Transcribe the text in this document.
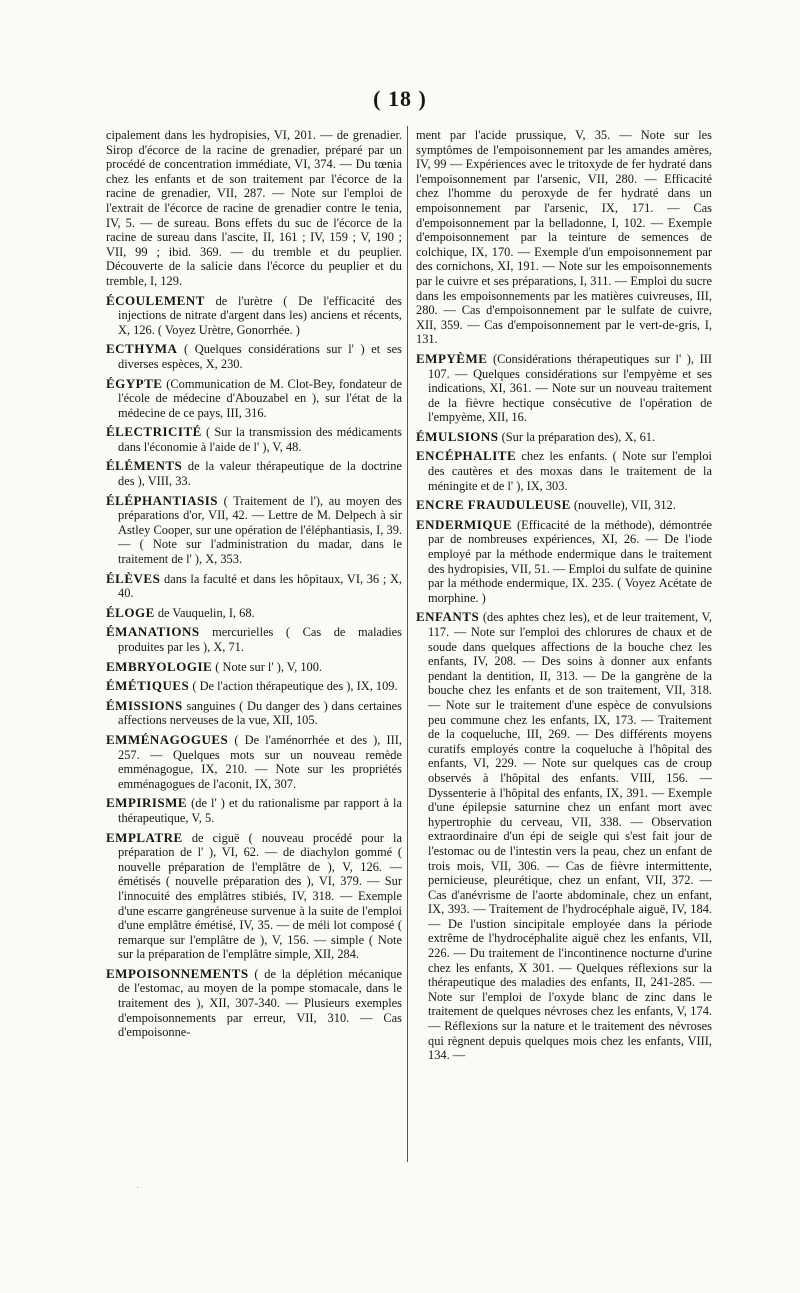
( 18 )

cipalement dans les hydropisies, VI, 201. — de grenadier. Sirop d'écorce de la racine de grenadier, préparé par un procédé de concentration immédiate, VI, 374. — Du tœnia chez les enfants et de son traitement par l'écorce de la racine de grenadier, VII, 287. — Note sur l'emploi de l'extrait de l'écorce de racine de grenadier contre le tenia, IV, 5. — de sureau. Bons effets du suc de l'écorce de la racine de sureau dans l'ascite, II, 161 ; IV, 159 ; V, 190 ; VII, 99 ; ibid. 369. — du tremble et du peuplier. Découverte de la salicie dans l'écorce du peuplier et du tremble, I, 129.

ÉCOULEMENT de l'urètre ( De l'efficacité des injections de nitrate d'argent dans les) anciens et récents, X, 126. ( Voyez Urètre, Gonorrhée. )

ECTHYMA ( Quelques considérations sur l' ) et ses diverses espèces, X, 230.

ÉGYPTE (Communication de M. Clot-Bey, fondateur de l'école de médecine d'Abouzabel en ), sur l'état de la médecine de ce pays, III, 316.

ÉLECTRICITÉ ( Sur la transmission des médicaments dans l'économie à l'aide de l' ), V, 48.

ÉLÉMENTS de la valeur thérapeutique de la doctrine des ), VIII, 33.

ÉLÉPHANTIASIS ( Traitement de l'), au moyen des préparations d'or, VII, 42. — Lettre de M. Delpech à sir Astley Cooper, sur une opération de l'éléphantiasis, I, 39. — ( Note sur l'administration du madar, dans le traitement de l' ), X, 353.

ÉLÈVES dans la faculté et dans les hôpitaux, VI, 36 ; X, 40.

ÉLOGE de Vauquelin, I, 68.

ÉMANATIONS mercurielles ( Cas de maladies produites par les ), X, 71.

EMBRYOLOGIE ( Note sur l' ), V, 100.

ÉMÉTIQUES ( De l'action thérapeutique des ), IX, 109.

ÉMISSIONS sanguines ( Du danger des ) dans certaines affections nerveuses de la vue, XII, 105.

EMMÉNAGOGUES ( De l'aménorrhée et des ), III, 257. — Quelques mots sur un nouveau remède emménagogue, IX, 210. — Note sur les propriétés emménagogues de l'aconit, IX, 307.

EMPIRISME (de l' ) et du rationalisme par rapport à la thérapeutique, V, 5.

EMPLATRE de ciguë ( nouveau procédé pour la préparation de l' ), VI, 62. — de diachylon gommé ( nouvelle préparation de l'emplâtre de ), V, 126. — émétisés ( nouvelle préparation des ), VI, 379. — Sur l'innocuité des emplâtres stibiés, IV, 318. — Exemple d'une escarre gangréneuse survenue à la suite de l'emploi d'une emplâtre émétisé, IV, 35. — de méli lot composé ( remarque sur l'emplâtre de ), V, 156. — simple ( Note sur la préparation de l'emplâtre simple, XII, 284.

EMPOISONNEMENTS ( de la déplétion mécanique de l'estomac, au moyen de la pompe stomacale, dans le traitement des ), XII, 307-340. — Plusieurs exemples d'empoisonnements par erreur, VII, 310. — Cas d'empoisonne-

ment par l'acide prussique, V, 35. — Note sur les symptômes de l'empoisonnement par les amandes amères, IV, 99 — Expériences avec le tritoxyde de fer hydraté dans l'empoisonnement par l'arsenic, VII, 280. — Efficacité chez l'homme du peroxyde de fer hydraté dans un empoisonnement par l'arsenic, IX, 171. — Cas d'empoisonnement par la belladonne, I, 102. — Exemple d'empoisonnement par la teinture de semences de colchique, IX, 170. — Exemple d'un empoisonnement par des cornichons, XI, 191. — Note sur les empoisonnements par le cuivre et ses préparations, I, 311. — Emploi du sucre dans les empoisonnements par les matières cuivreuses, III, 280. — Cas d'empoisonnement par le sulfate de cuivre, XII, 359. — Cas d'empoisonnement par le vert-de-gris, I, 131.

EMPYÈME (Considérations thérapeutiques sur l' ), III 107. — Quelques considérations sur l'empyème et ses indications, XI, 361. — Note sur un nouveau traitement de la fièvre hectique consécutive de l'opération de l'empyème, XII, 16.

ÉMULSIONS (Sur la préparation des), X, 61.

ENCÉPHALITE chez les enfants. ( Note sur l'emploi des cautères et des moxas dans le traitement de la méningite et de l' ), IX, 303.

ENCRE FRAUDULEUSE (nouvelle), VII, 312.

ENDERMIQUE (Efficacité de la méthode), démontrée par de nombreuses expériences, XI, 26. — De l'iode employé par la méthode endermique dans le traitement des hydropisies, VII, 51. — Emploi du sulfate de quinine par la méthode endermique, IX. 235. ( Voyez Acétate de morphine. )

ENFANTS (des aphtes chez les), et de leur traitement, V, 117. — Note sur l'emploi des chlorures de chaux et de soude dans quelques affections de la bouche chez les enfants, IV, 208. — Des soins à donner aux enfants pendant la dentition, II, 313. — De la gangrène de la bouche chez les enfants et de son traitement, VII, 318. — Note sur le traitement d'une espèce de convulsions peu commune chez les enfants, IX, 173. — Traitement de la coqueluche, III, 269. — Des différents moyens curatifs employés contre la coqueluche à l'hôpital des enfants, VI, 229. — Note sur quelques cas de croup observés à l'hôpital des enfants. VIII, 156. — Dyssenterie à l'hôpital des enfants, IX, 391. — Exemple d'une épilepsie saturnine chez un enfant mort avec hypertrophie du cerveau, VII, 338. — Observation extraordinaire d'un épi de seigle qui s'est fait jour de l'estomac ou de l'intestin vers la peau, chez un enfant de trois mois, VII, 306. — Cas de fièvre intermittente, pernicieuse, pleurétique, chez un enfant, VII, 372. — Cas d'anévrisme de l'aorte abdominale, chez un enfant, IX, 393. — Traitement de l'hydrocéphale aiguë, IV, 184. — De l'ustion sincipitale employée dans la période extrême de l'hydrocéphalite aiguë chez les enfants, VII, 226. — Du traitement de l'incontinence nocturne d'urine chez les enfants, X 301. — Quelques réflexions sur la thérapeutique des maladies des enfants, II, 241-285. — Note sur l'emploi de l'oxyde blanc de zinc dans le traitement de quelques névroses chez les enfants, V, 174. — Réflexions sur la nature et le traitement des névroses qui règnent depuis quelques mois chez les enfants, VIII, 134. —

·
